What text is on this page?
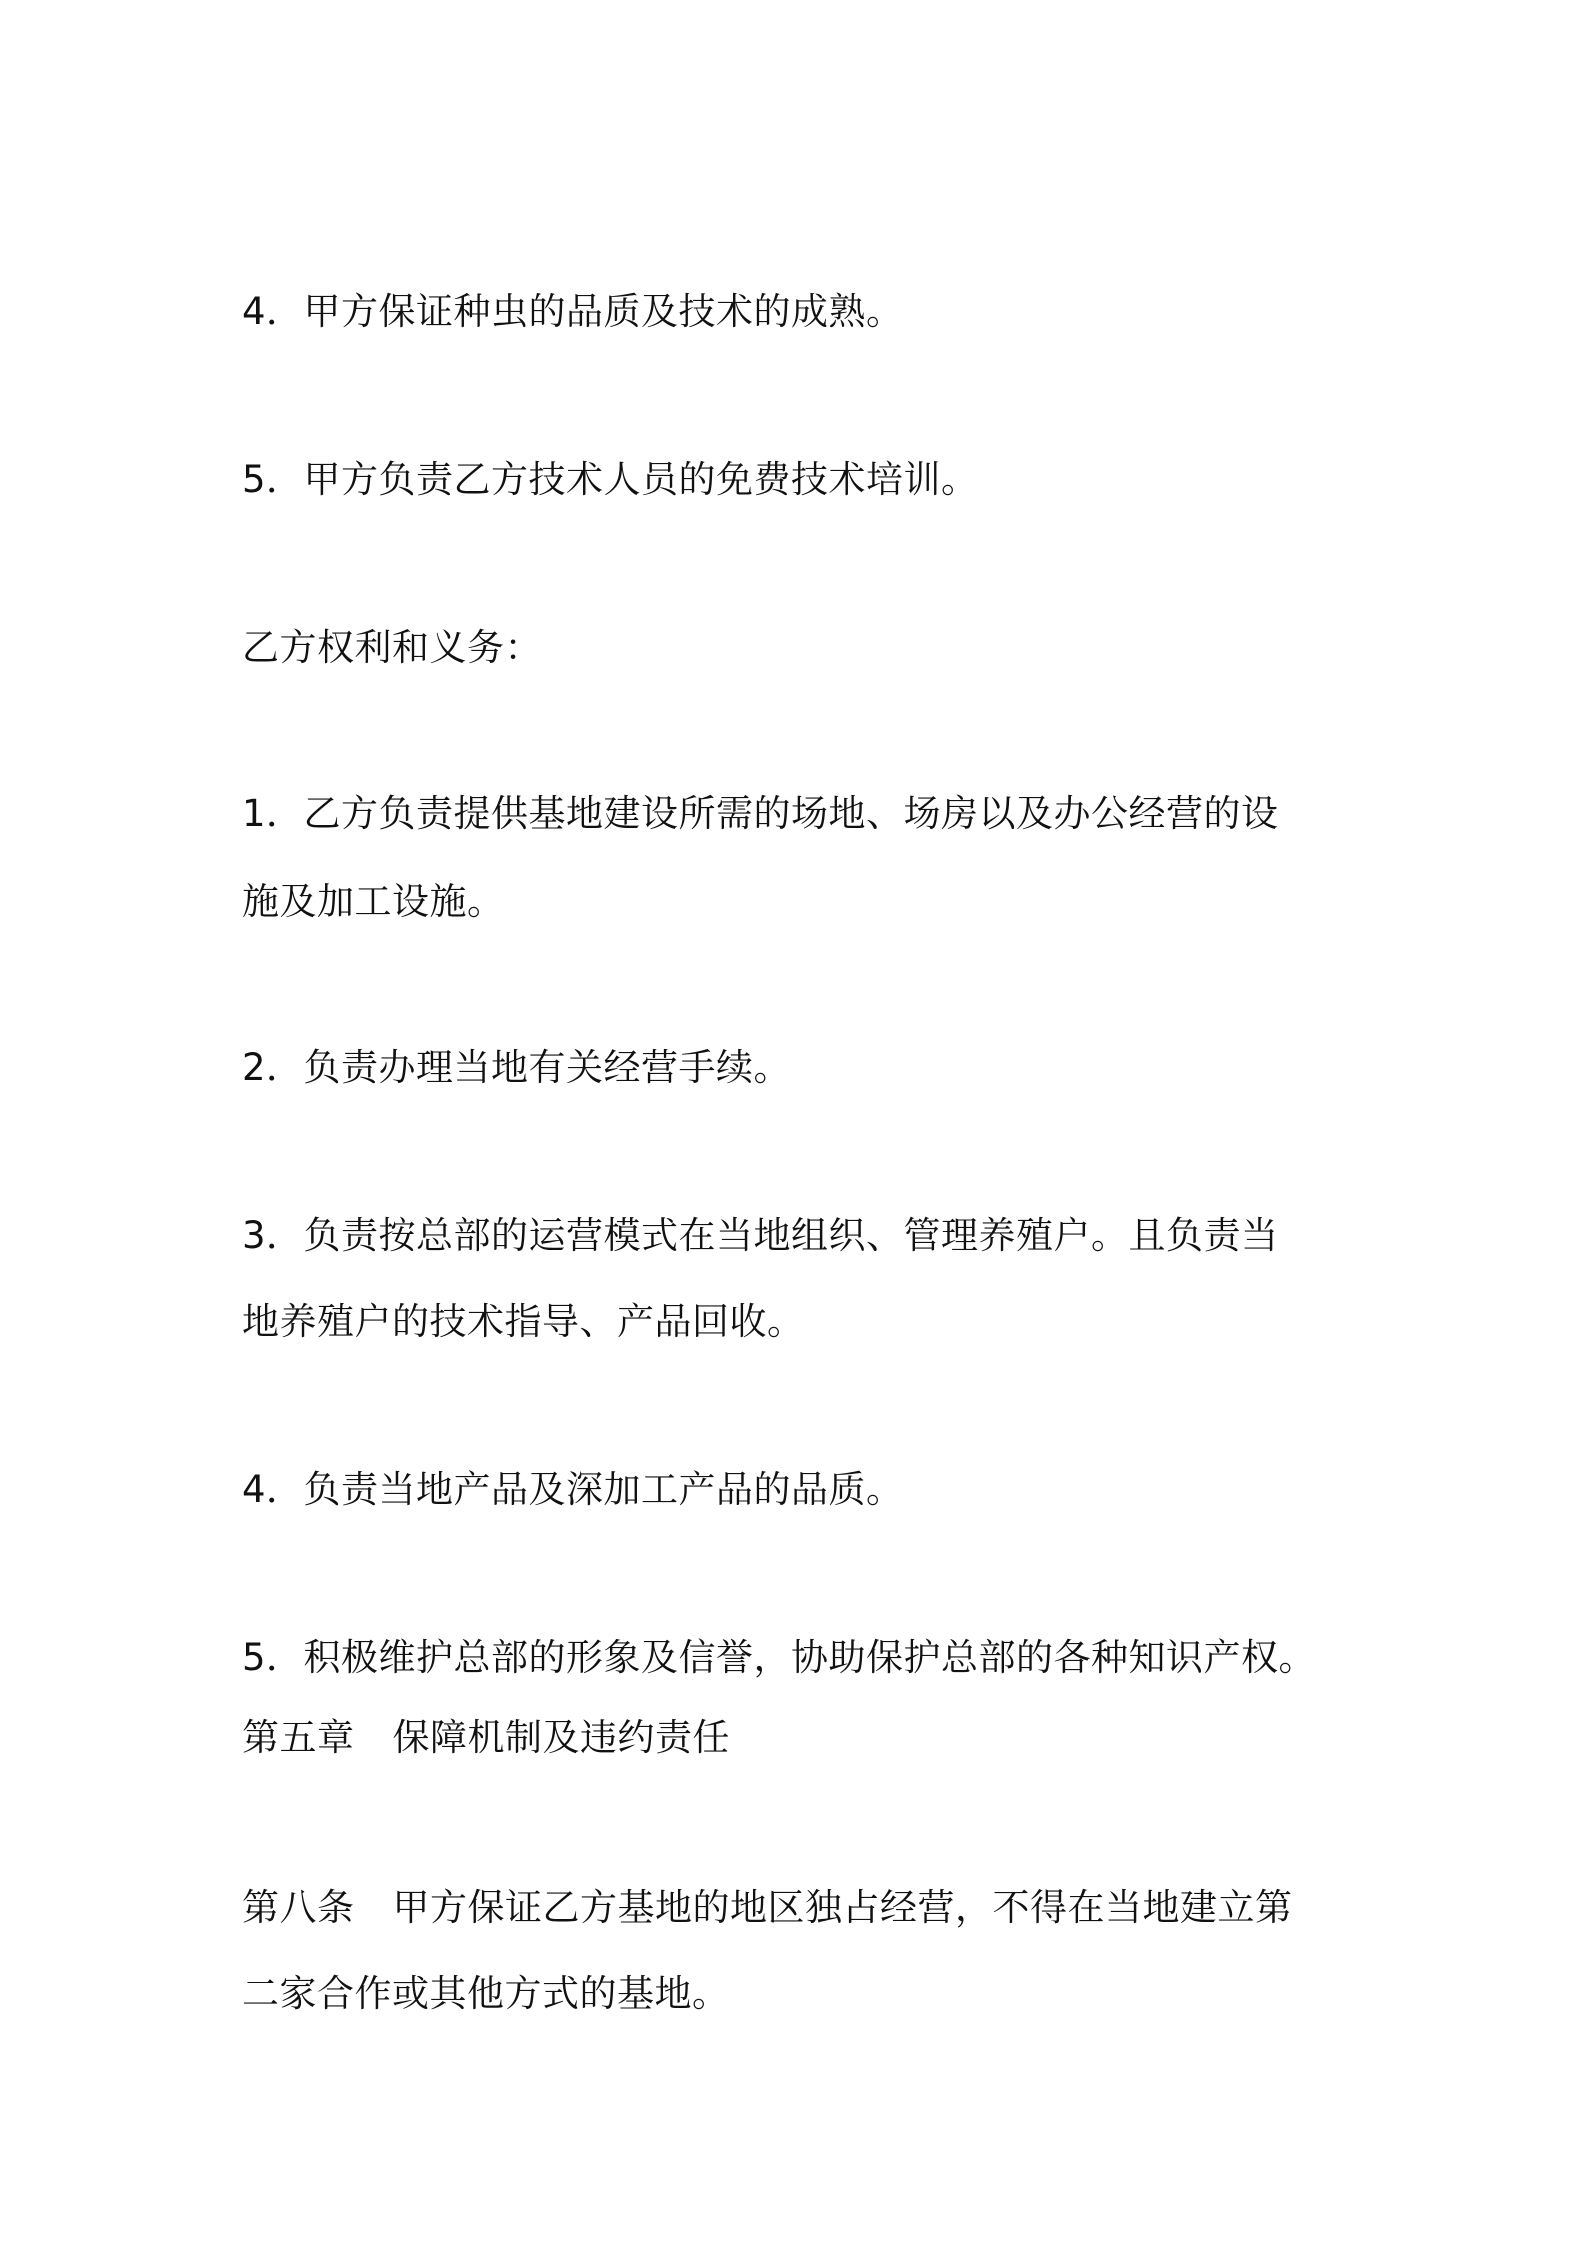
4．甲方保证种虫的品质及技术的成熟。
5．甲方负责乙方技术人员的免费技术培训。
乙方权利和义务：
1．乙方负责提供基地建设所需的场地、场房以及办公经营的设
施及加工设施。
2．负责办理当地有关经营手续。
3．负责按总部的运营模式在当地组织、管理养殖户。且负责当
地养殖户的技术指导、产品回收。
4．负责当地产品及深加工产品的品质。
5．积极维护总部的形象及信誉，协助保护总部的各种知识产权。
第五章 保障机制及违约责任
第八条 甲方保证乙方基地的地区独占经营，不得在当地建立第
二家合作或其他方式的基地。
